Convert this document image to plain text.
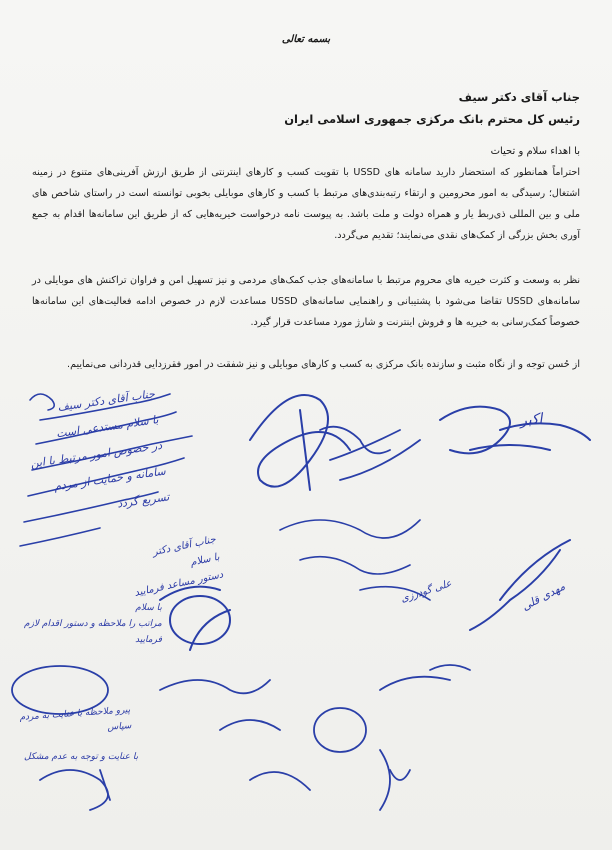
بسمه تعالی
جناب آقای دکتر سیف
رئیس کل محترم بانک مرکزی جمهوری اسلامی ایران
با اهداء سلام و تحیات
احتراماً همانطور که استحضار دارید سامانه های USSD با تقویت کسب و کارهای اینترنتی از طریق ارزش آفرینی‌های متنوع در زمینه اشتغال؛ رسیدگی به امور محرومین و ارتقاء رتبه‌بندی‌های مرتبط با کسب و کارهای موبایلی بخوبی توانسته است در راستای شاخص های ملی و بین المللی ذی‌ربط یار و همراه دولت و ملت باشد. به پیوست نامه درخواست خیریه‌هایی که از طریق این سامانه‌ها اقدام به جمع آوری بخش بزرگی از کمک‌های نقدی می‌نمایند؛ تقدیم می‌گردد.
نظر به وسعت و کثرت خیریه های محروم مرتبط با سامانه‌های جذب کمک‌های مردمی و نیز تسهیل امن و فراوان تراکنش های موبایلی در سامانه‌های USSD تقاضا می‌شود با پشتیبانی و راهنمایی سامانه‌های USSD مساعدت لازم در خصوص ادامه فعالیت‌های این سامانه‌ها خصوصاً کمک‌رسانی به خیریه ها و فروش اینترنت و شارژ مورد مساعدت قرار گیرد.
از حُسن توجه و از نگاه مثبت و سازنده بانک مرکزی به کسب و کارهای موبایلی و نیز شفقت در امور فقرزدایی قدردانی می‌نماییم.
جناب آقای دکتر سیف
با سلام مستدعی است
در خصوص امور مرتبط با این
سامانه و حمایت از مردم
تسریع گردد
جناب آقای دکتر
با سلام
دستور مساعد فرمایید
با سلام
مراتب را ملاحظه و دستور اقدام لازم
فرمایید
پیرو ملاحظه با عنایت به مردم
سپاس
با عنایت و توجه به عدم مشکل
مهدی قلی
علی گودرزی
اکبر
